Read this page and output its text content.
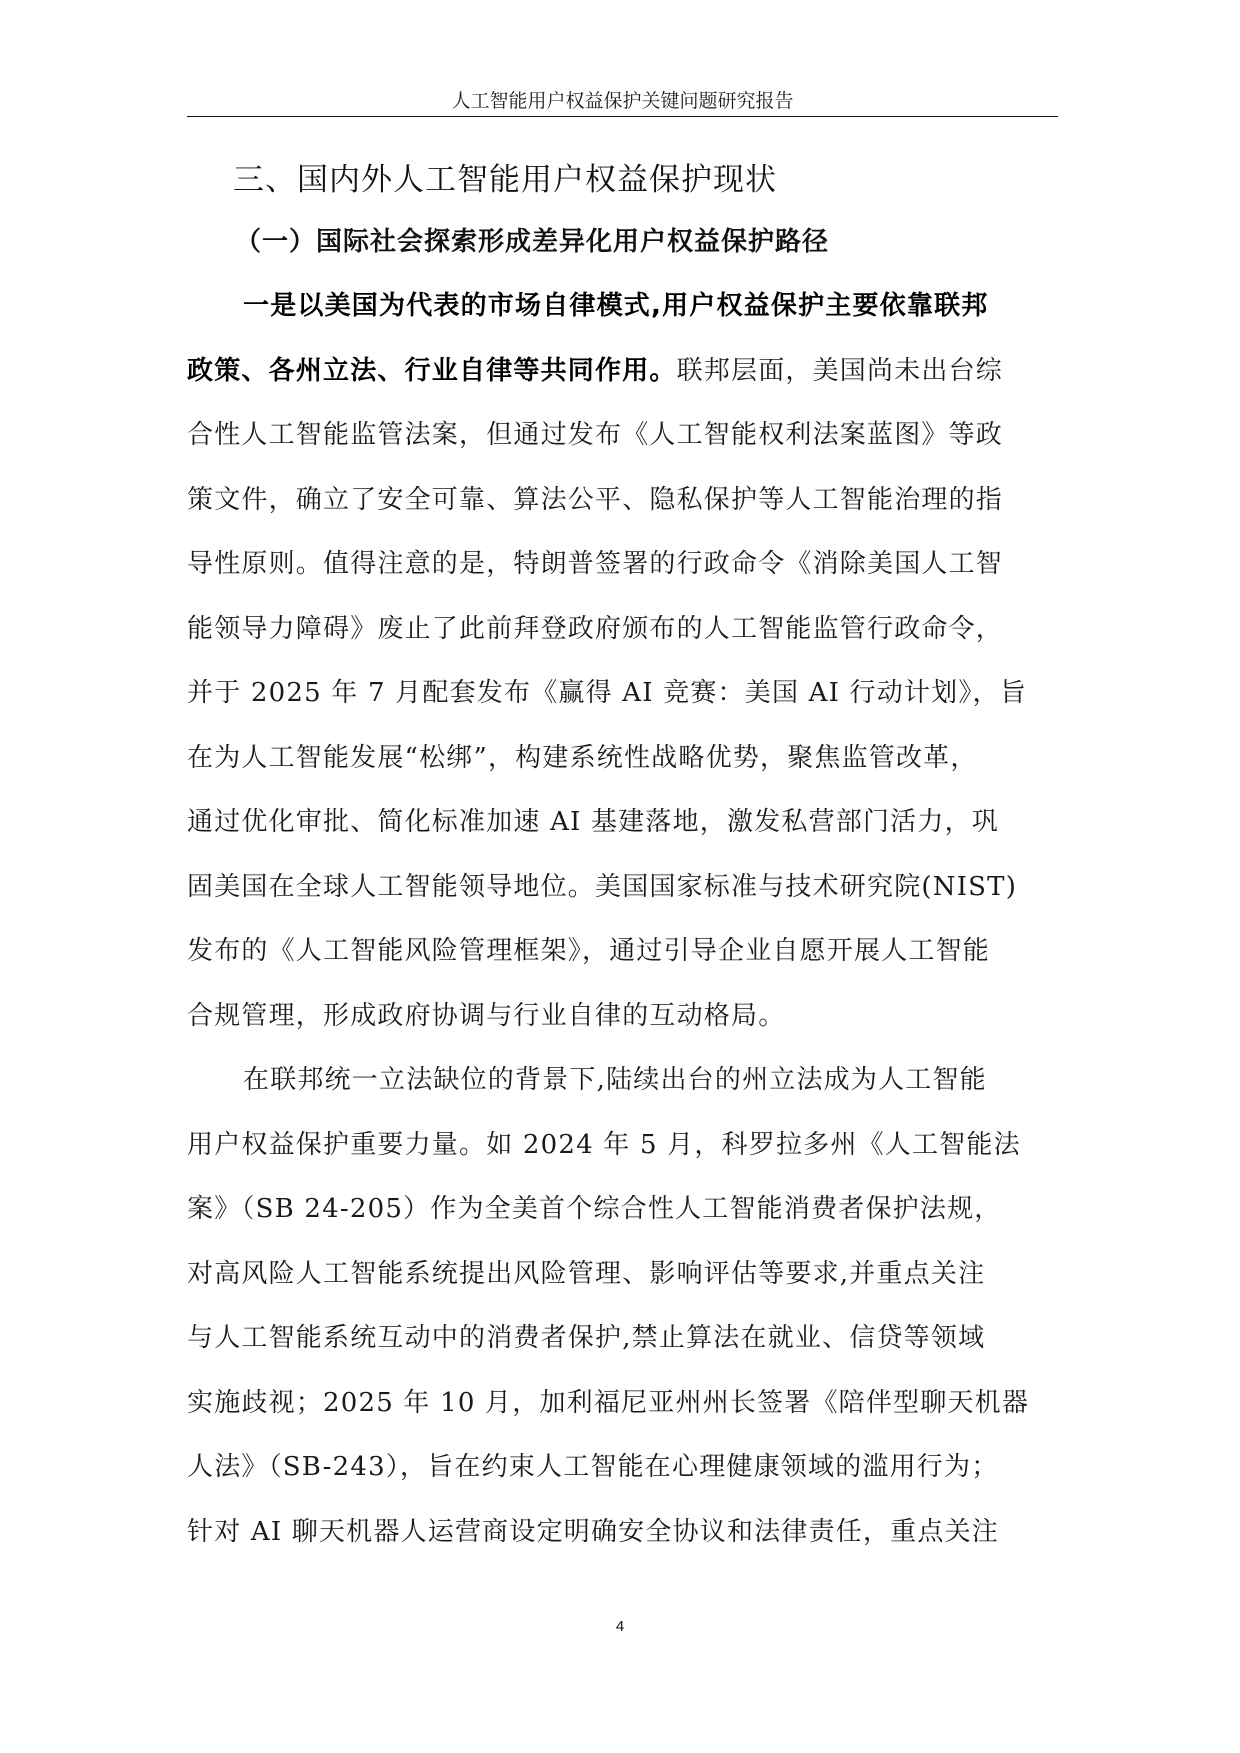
人工智能用户权益保护关键问题研究报告
三、国内外人工智能用户权益保护现状
（一）国际社会探索形成差异化用户权益保护路径
一是以美国为代表的市场自律模式,用户权益保护主要依靠联邦
政策、各州立法、行业自律等共同作用。联邦层面，美国尚未出台综
合性人工智能监管法案，但通过发布《人工智能权利法案蓝图》等政
策文件，确立了安全可靠、算法公平、隐私保护等人工智能治理的指
导性原则。值得注意的是，特朗普签署的行政命令《消除美国人工智
能领导力障碍》废止了此前拜登政府颁布的人工智能监管行政命令，
并于 2025 年 7 月配套发布《赢得 AI 竞赛：美国 AI 行动计划》，旨
在为人工智能发展“松绑”，构建系统性战略优势，聚焦监管改革，
通过优化审批、简化标准加速 AI 基建落地，激发私营部门活力，巩
固美国在全球人工智能领导地位。美国国家标准与技术研究院(NIST)
发布的《人工智能风险管理框架》，通过引导企业自愿开展人工智能
合规管理，形成政府协调与行业自律的互动格局。
在联邦统一立法缺位的背景下,陆续出台的州立法成为人工智能
用户权益保护重要力量。如 2024 年 5 月，科罗拉多州《人工智能法
案》（SB 24-205）作为全美首个综合性人工智能消费者保护法规，
对高风险人工智能系统提出风险管理、影响评估等要求,并重点关注
与人工智能系统互动中的消费者保护,禁止算法在就业、信贷等领域
实施歧视；2025 年 10 月，加利福尼亚州州长签署《陪伴型聊天机器
人法》（SB-243），旨在约束人工智能在心理健康领域的滥用行为；
针对 AI 聊天机器人运营商设定明确安全协议和法律责任，重点关注
4
